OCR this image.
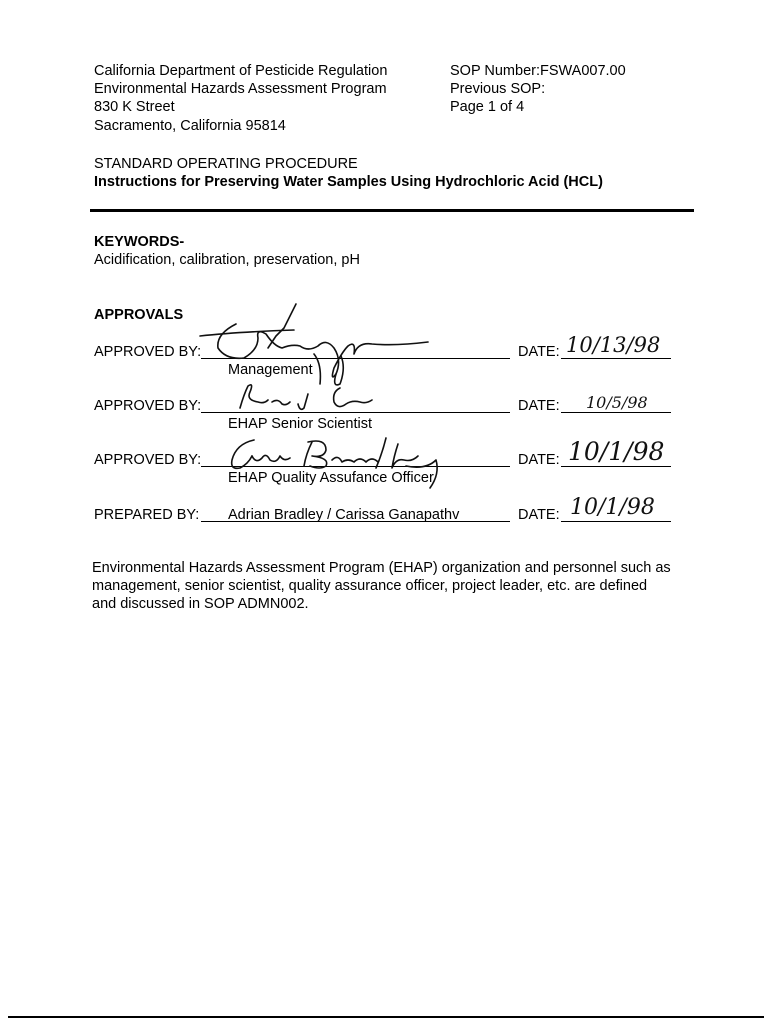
California Department of Pesticide Regulation
Environmental Hazards Assessment Program
830 K Street
Sacramento, California 95814
SOP Number:FSWA007.00
Previous SOP:
Page 1 of 4
STANDARD OPERATING PROCEDURE
Instructions for Preserving Water Samples Using Hydrochloric Acid (HCL)
KEYWORDS-
Acidification, calibration, preservation, pH
APPROVALS
APPROVED BY:
Management
DATE: 10/13/98
APPROVED BY:
EHAP Senior Scientist
DATE: 10/5/98
APPROVED BY:
EHAP Quality Assufance Officer
DATE: 10/1/98
PREPARED BY: Adrian Bradley / Carissa Ganapathv	DATE: 10/1/98
Environmental Hazards Assessment Program (EHAP) organization and personnel such as
management, senior scientist, quality assurance officer, project leader, etc. are defined
and discussed in SOP ADMN002.
